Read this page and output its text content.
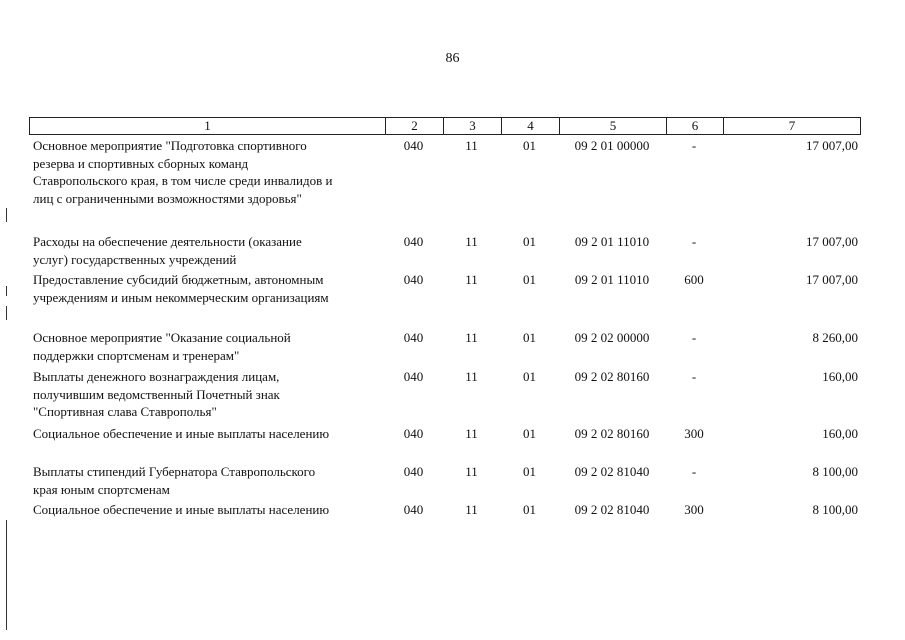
86
1	2	3	4	5	6	7
Основное мероприятие "Подготовка спортивного
резерва и спортивных сборных команд
Ставропольского края, в том числе среди инвалидов и
лиц с ограниченными возможностями здоровья"
040	11	01	09 2 01 00000	-	17 007,00
Расходы на обеспечение деятельности (оказание
услуг) государственных учреждений
040	11	01	09 2 01 11010	-	17 007,00
Предоставление субсидий бюджетным, автономным
учреждениям и иным некоммерческим организациям
040	11	01	09 2 01 11010	600	17 007,00
Основное мероприятие "Оказание социальной
поддержки спортсменам и тренерам"
040	11	01	09 2 02 00000	-	8 260,00
Выплаты денежного вознаграждения лицам,
получившим ведомственный Почетный знак
"Спортивная слава Ставрополья"
040	11	01	09 2 02 80160	-	160,00
Социальное обеспечение и иные выплаты населению	040	11	01	09 2 02 80160	300	160,00
Выплаты стипендий Губернатора Ставропольского
края юным спортсменам
040	11	01	09 2 02 81040	-	8 100,00
Социальное обеспечение и иные выплаты населению	040	11	01	09 2 02 81040	300	8 100,00
